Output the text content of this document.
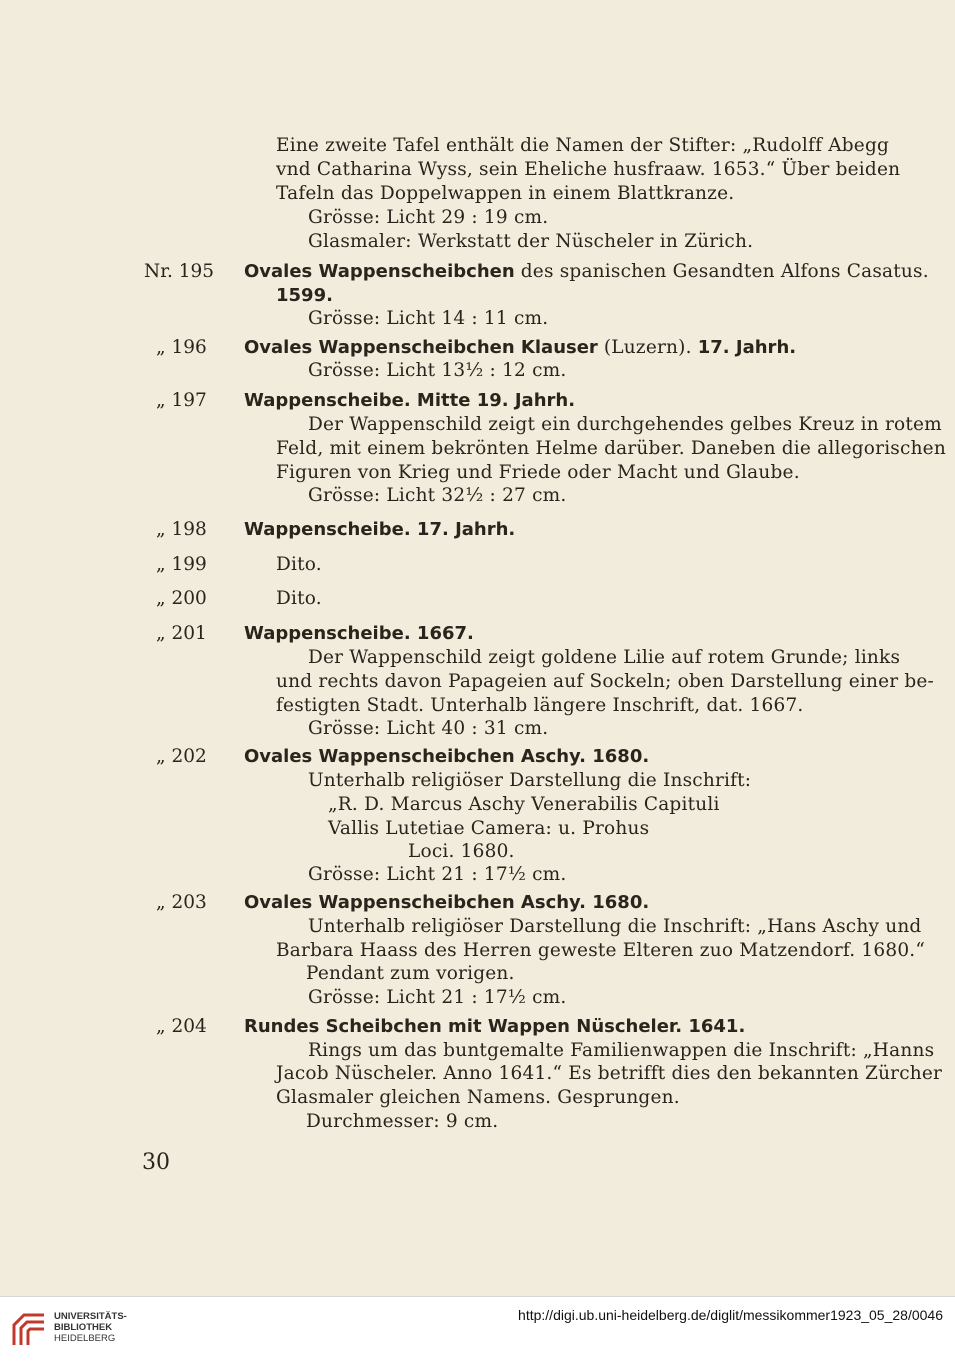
Eine zweite Tafel enthält die Namen der Stifter: „Rudolff Abegg
vnd Catharina Wyss, sein Eheliche husfraaw. 1653.“ Über beiden
Tafeln das Doppelwappen in einem Blattkranze.
Grösse: Licht 29 : 19 cm.
Glasmaler: Werkstatt der Nüscheler in Zürich.
Nr. 195 Ovales Wappenscheibchen des spanischen Gesandten Alfons Casatus.
1599.
Grösse: Licht 14 : 11 cm.
„ 196 Ovales Wappenscheibchen Klauser (Luzern). 17. Jahrh.
Grösse: Licht 13½ : 12 cm.
„ 197 Wappenscheibe. Mitte 19. Jahrh.
Der Wappenschild zeigt ein durchgehendes gelbes Kreuz in rotem
Feld, mit einem bekrönten Helme darüber. Daneben die allegorischen
Figuren von Krieg und Friede oder Macht und Glaube.
Grösse: Licht 32½ : 27 cm.
„ 198 Wappenscheibe. 17. Jahrh.
„ 199	Dito.
„ 200	Dito.
„ 201 Wappenscheibe. 1667.
Der Wappenschild zeigt goldene Lilie auf rotem Grunde; links
und rechts davon Papageien auf Sockeln; oben Darstellung einer be-
festigten Stadt. Unterhalb längere Inschrift, dat. 1667.
Grösse: Licht 40 : 31 cm.
„ 202 Ovales Wappenscheibchen Aschy. 1680.
Unterhalb religiöser Darstellung die Inschrift:
„R. D. Marcus Aschy Venerabilis Capituli
Vallis Lutetiae Camera: u. Prohus
Loci. 1680.
Grösse: Licht 21 : 17½ cm.
„ 203 Ovales Wappenscheibchen Aschy. 1680.
Unterhalb religiöser Darstellung die Inschrift: „Hans Aschy und
Barbara Haass des Herren geweste Elteren zuo Matzendorf. 1680.“
Pendant zum vorigen.
Grösse: Licht 21 : 17½ cm.
„ 204 Rundes Scheibchen mit Wappen Nüscheler. 1641.
Rings um das buntgemalte Familienwappen die Inschrift: „Hanns
Jacob Nüscheler. Anno 1641.“ Es betrifft dies den bekannten Zürcher
Glasmaler gleichen Namens. Gesprungen.
Durchmesser: 9 cm.
30
UNIVERSITÄTS-
BIBLIOTHEK
HEIDELBERG
http://digi.ub.uni-heidelberg.de/diglit/messikommer1923_05_28/0046
